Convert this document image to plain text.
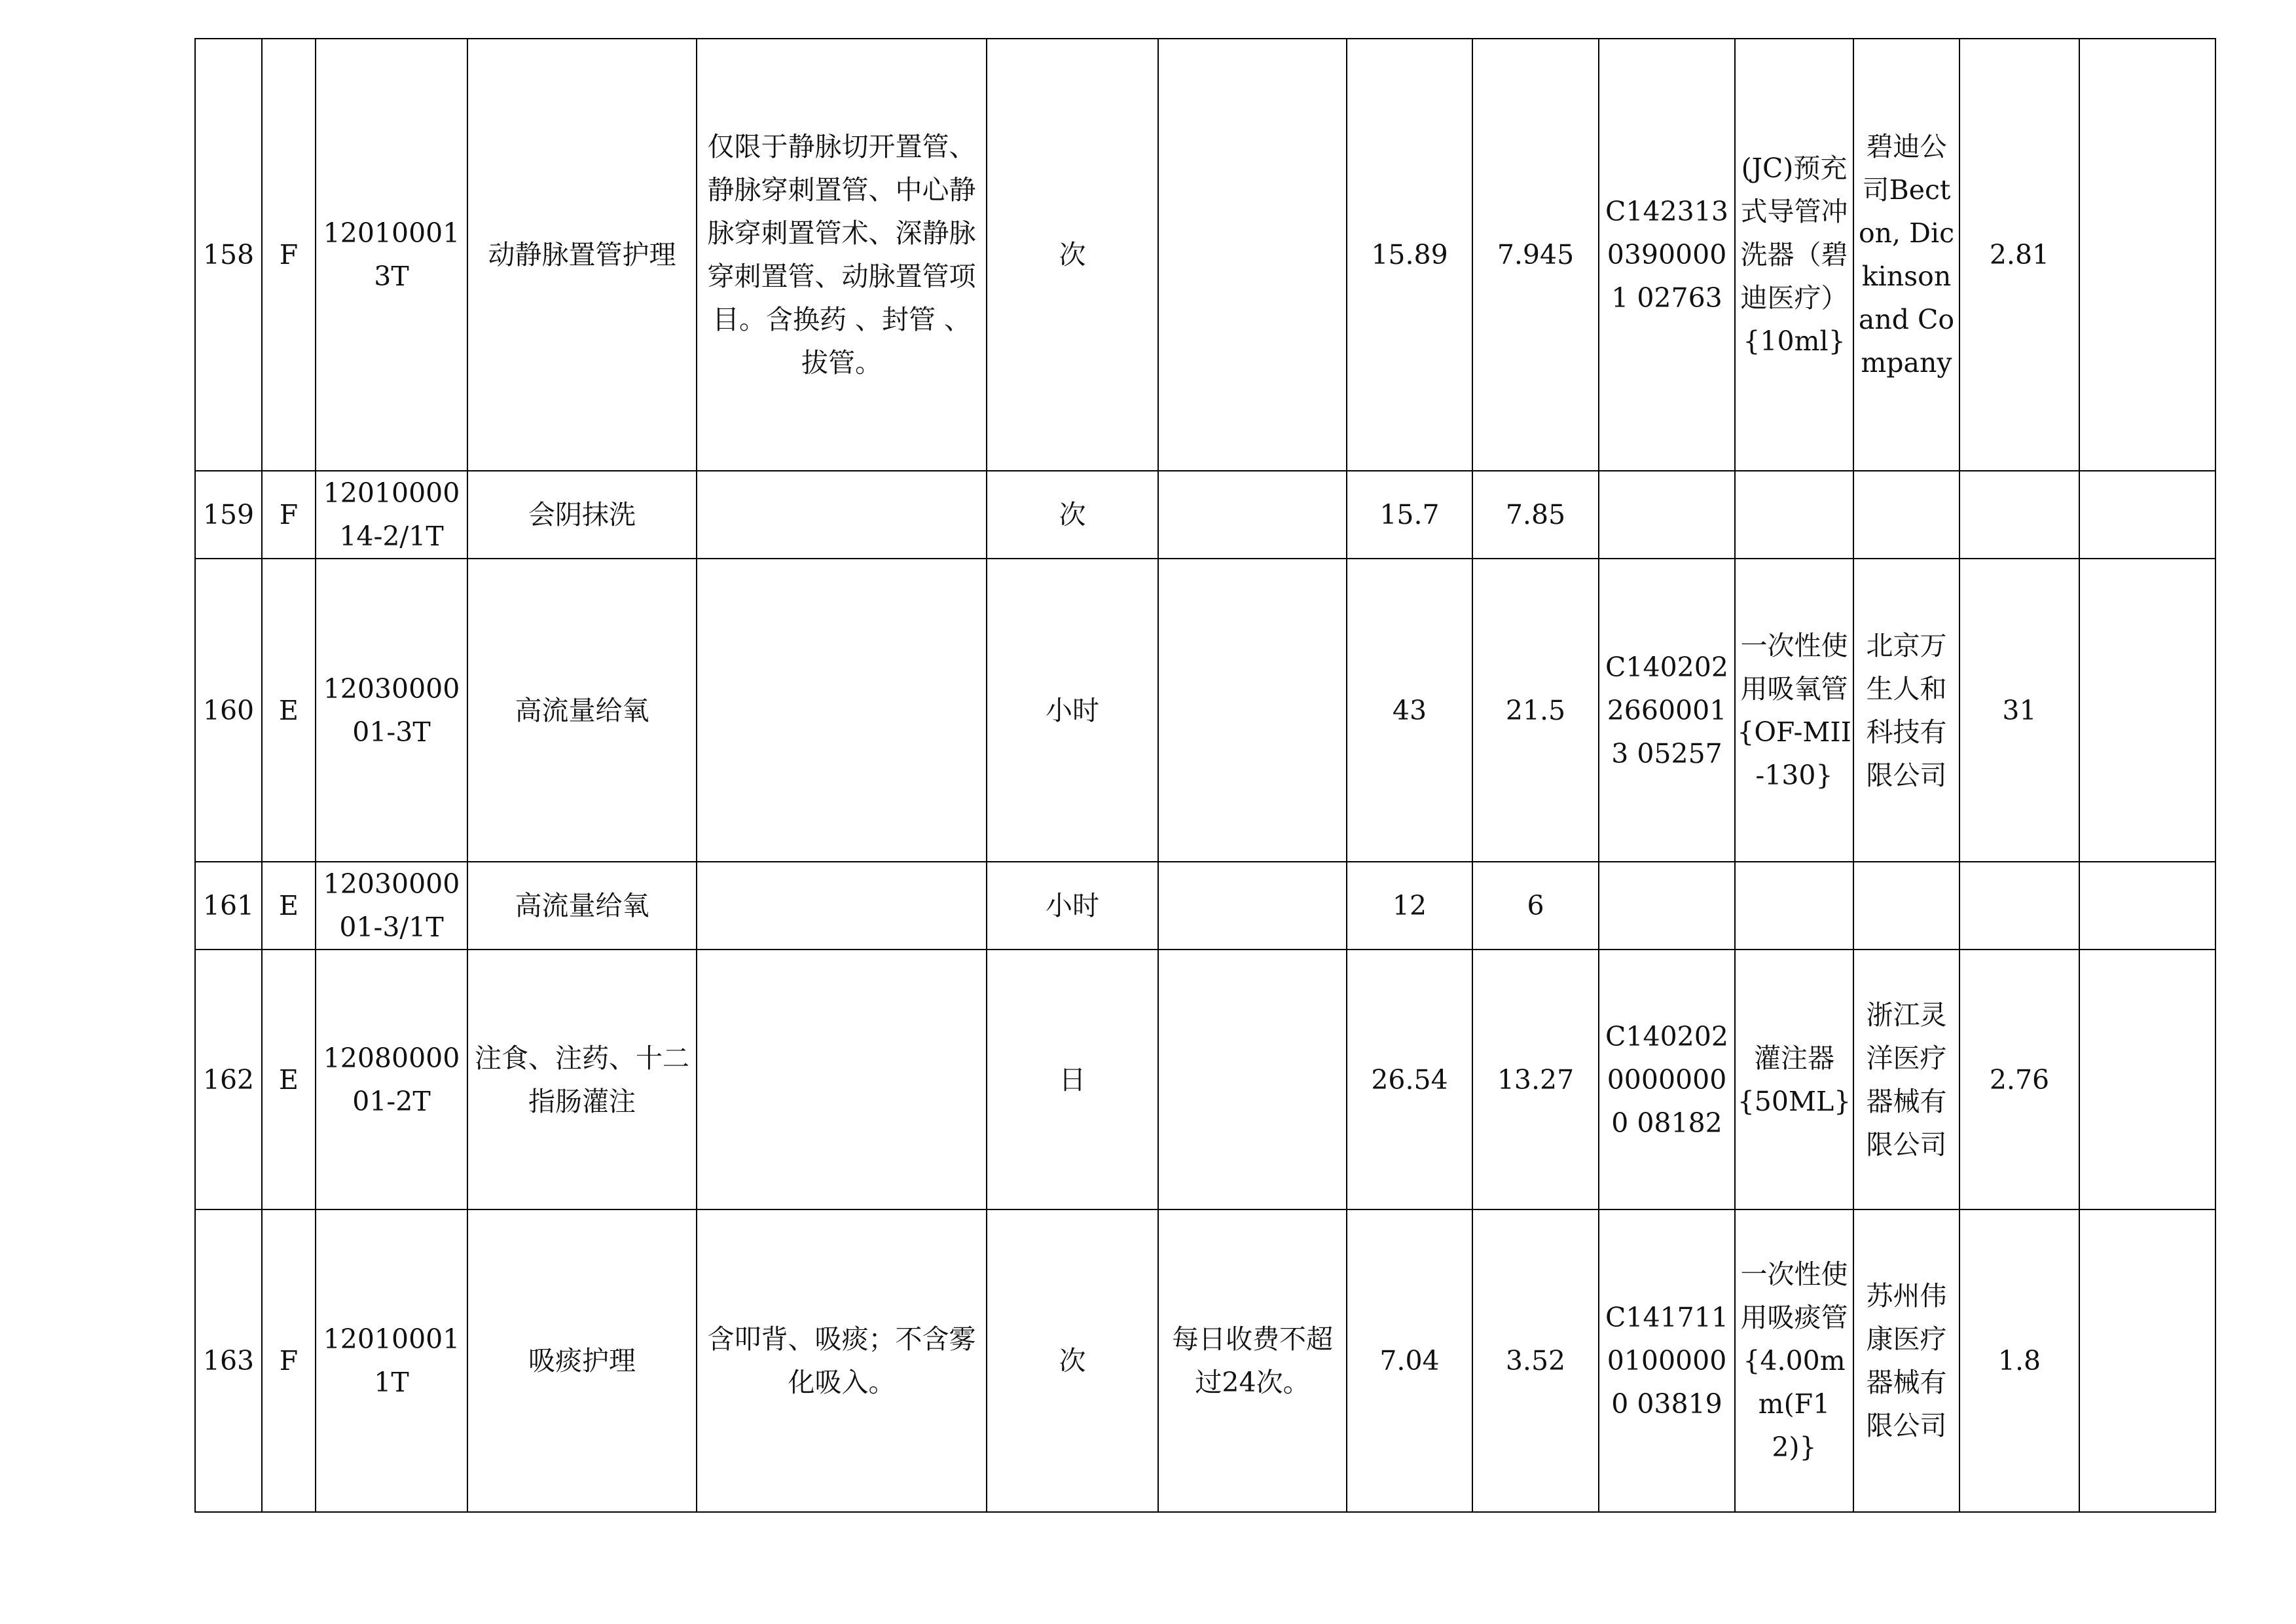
158	F	120100013T	动静脉置管护理	仅限于静脉切开置管、静脉穿刺置管、中心静脉穿刺置管术、深静脉穿刺置管、动脉置管项目。含换药 、封管 、拔管。	次		15.89	7.945	C14231303900001 02763	(JC)预充式导管冲洗器（碧迪医疗）{10ml}	碧迪公司Becton, Dickinson and Company	2.81	
159	F	1201000014-2/1T	会阴抹洗		次		15.7	7.85					
160	E	1203000001-3T	高流量给氧		小时		43	21.5	C14020226600013 05257	一次性使用吸氧管{OF-MII-130}	北京万生人和科技有限公司	31	
161	E	1203000001-3/1T	高流量给氧		小时		12	6					
162	E	1208000001-2T	注食、注药、十二指肠灌注		日		26.54	13.27	C14020200000000 08182	灌注器{50ML}	浙江灵洋医疗器械有限公司	2.76	
163	F	120100011T	吸痰护理	含叩背、吸痰；不含雾化吸入。	次	每日收费不超过24次。	7.04	3.52	C14171101000000 03819	一次性使用吸痰管{4.00mm(F12)}	苏州伟康医疗器械有限公司	1.8	
